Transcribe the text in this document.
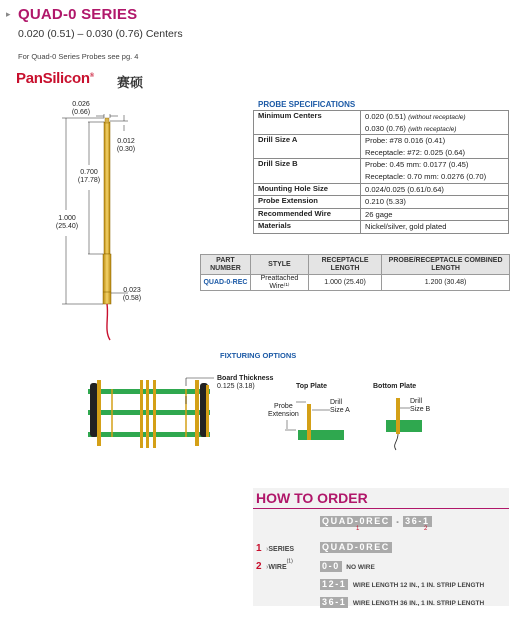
▸ QUAD-0 SERIES
0.020 (0.51) – 0.030 (0.76) Centers
For Quad-0 Series Probes see pg. 4
PanSilicon® 赛硕
0.026
(0.66)
0.012
(0.30)
0.700
(17.78)
1.000
(25.40)
0.023
(0.58)
PROBE SPECIFICATIONS
Minimum Centers	0.020 (0.51) (without receptacle)
0.030 (0.76) (with receptacle)

Drill Size A	Probe: #78 0.016 (0.41)
Receptacle: #72: 0.025 (0.64)

Drill Size B	Probe: 0.45 mm: 0.0177 (0.45)
Receptacle: 0.70 mm: 0.0276 (0.70)

Mounting Hole Size	0.024/0.025 (0.61/0.64)

Probe Extension	0.210 (5.33)

Recommended Wire	26 gage

Materials	Nickel/silver, gold plated
PART NUMBER	STYLE	RECEPTACLE LENGTH	PROBE/RECEPTACLE COMBINED LENGTH
QUAD-0-REC	Preattached Wire⁽¹⁾	1.000 (25.40)	1.200 (30.48)
FIXTURING OPTIONS
Board Thickness
0.125 (3.18)	Top Plate	Bottom Plate
Probe
Extension
Drill
Size A
Drill
Size B
HOW TO ORDER
QUAD-0REC - 36-1
1	2
1 ›SERIES	QUAD-0REC
2 ›WIRE$^{(1)}$	0-0 NO WIRE
12-1 WIRE LENGTH 12 IN., 1 IN. STRIP LENGTH
36-1 WIRE LENGTH 36 IN., 1 IN. STRIP LENGTH
